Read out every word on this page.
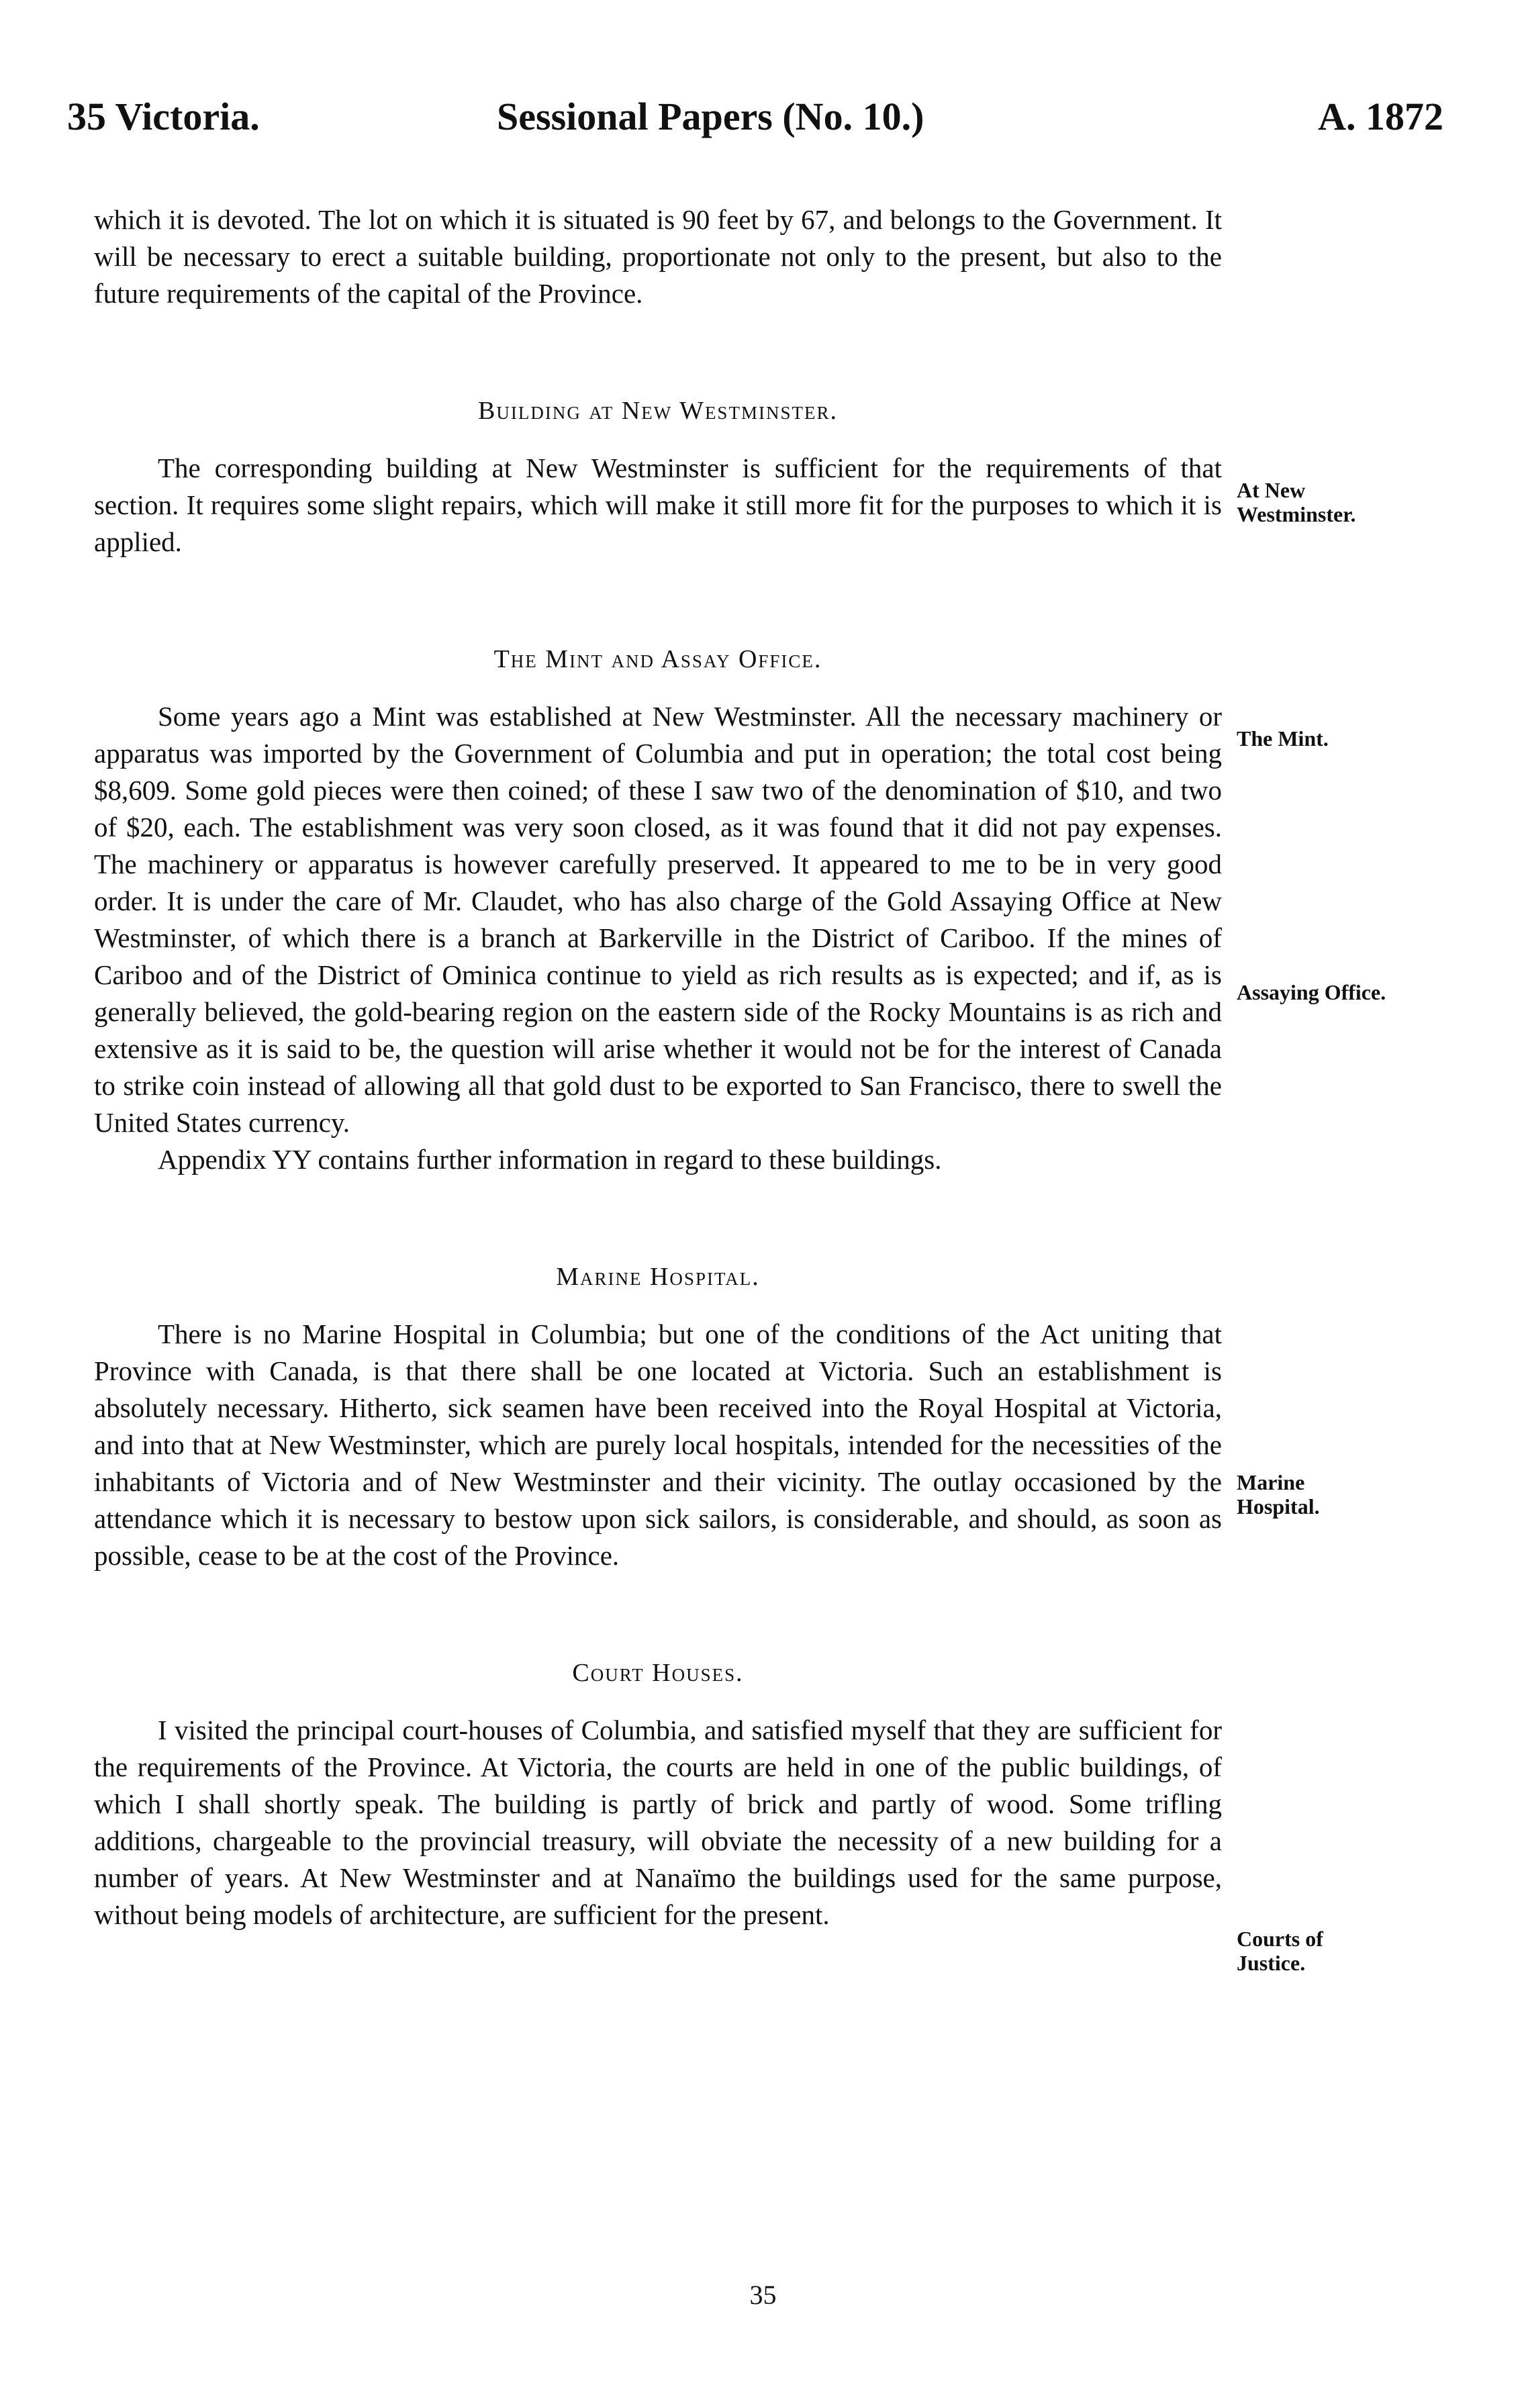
35 Victoria.	Sessional Papers (No. 10.)	A. 1872

which it is devoted. The lot on which it is situated is 90 feet by 67, and belongs to the Government. It will be necessary to erect a suitable building, proportionate not only to the present, but also to the future requirements of the capital of the Province.

Building at New Westminster.

The corresponding building at New Westminster is sufficient for the requirements of that section. It requires some slight repairs, which will make it still more fit for the purposes to which it is applied.

The Mint and Assay Office.

Some years ago a Mint was established at New Westminster. All the necessary machinery or apparatus was imported by the Government of Columbia and put in operation; the total cost being $8,609. Some gold pieces were then coined; of these I saw two of the denomination of $10, and two of $20, each. The establishment was very soon closed, as it was found that it did not pay expenses. The machinery or apparatus is however carefully preserved. It appeared to me to be in very good order. It is under the care of Mr. Claudet, who has also charge of the Gold Assaying Office at New Westminster, of which there is a branch at Barkerville in the District of Cariboo. If the mines of Cariboo and of the District of Ominica continue to yield as rich results as is expected; and if, as is generally believed, the gold-bearing region on the eastern side of the Rocky Mountains is as rich and extensive as it is said to be, the question will arise whether it would not be for the interest of Canada to strike coin instead of allowing all that gold dust to be exported to San Francisco, there to swell the United States currency.

Appendix YY contains further information in regard to these buildings.

Marine Hospital.

There is no Marine Hospital in Columbia; but one of the conditions of the Act uniting that Province with Canada, is that there shall be one located at Victoria. Such an establishment is absolutely necessary. Hitherto, sick seamen have been received into the Royal Hospital at Victoria, and into that at New Westminster, which are purely local hospitals, intended for the necessities of the inhabitants of Victoria and of New Westminster and their vicinity. The outlay occasioned by the attendance which it is necessary to bestow upon sick sailors, is considerable, and should, as soon as possible, cease to be at the cost of the Province.

Court Houses.

I visited the principal court-houses of Columbia, and satisfied myself that they are sufficient for the requirements of the Province. At Victoria, the courts are held in one of the public buildings, of which I shall shortly speak. The building is partly of brick and partly of wood. Some trifling additions, chargeable to the provincial treasury, will obviate the necessity of a new building for a number of years. At New Westminster and at Nanaïmo the buildings used for the same purpose, without being models of architecture, are sufficient for the present.

At New Westminster.
The Mint.
Assaying Office.
Marine Hospital.
Courts of Justice.
35
